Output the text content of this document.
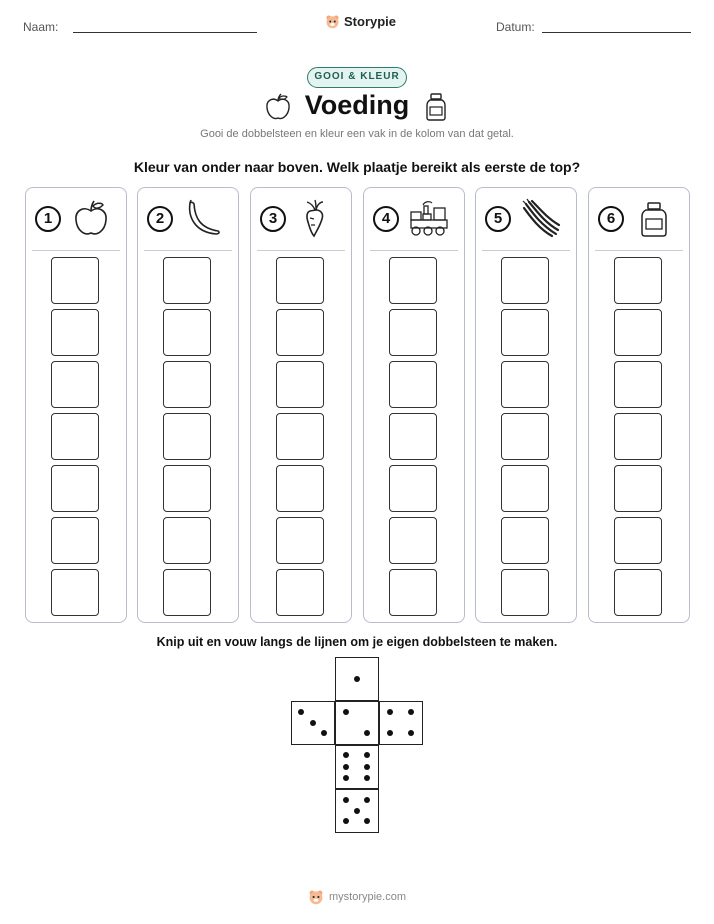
Naam:	Storypie	Datum:
GOOI & KLEUR
Voeding
Gooi de dobbelsteen en kleur een vak in de kolom van dat getal.
Kleur van onder naar boven. Welk plaatje bereikt als eerste de top?
1	2	3	4	5	6
Knip uit en vouw langs de lijnen om je eigen dobbelsteen te maken.
mystorypie.com
